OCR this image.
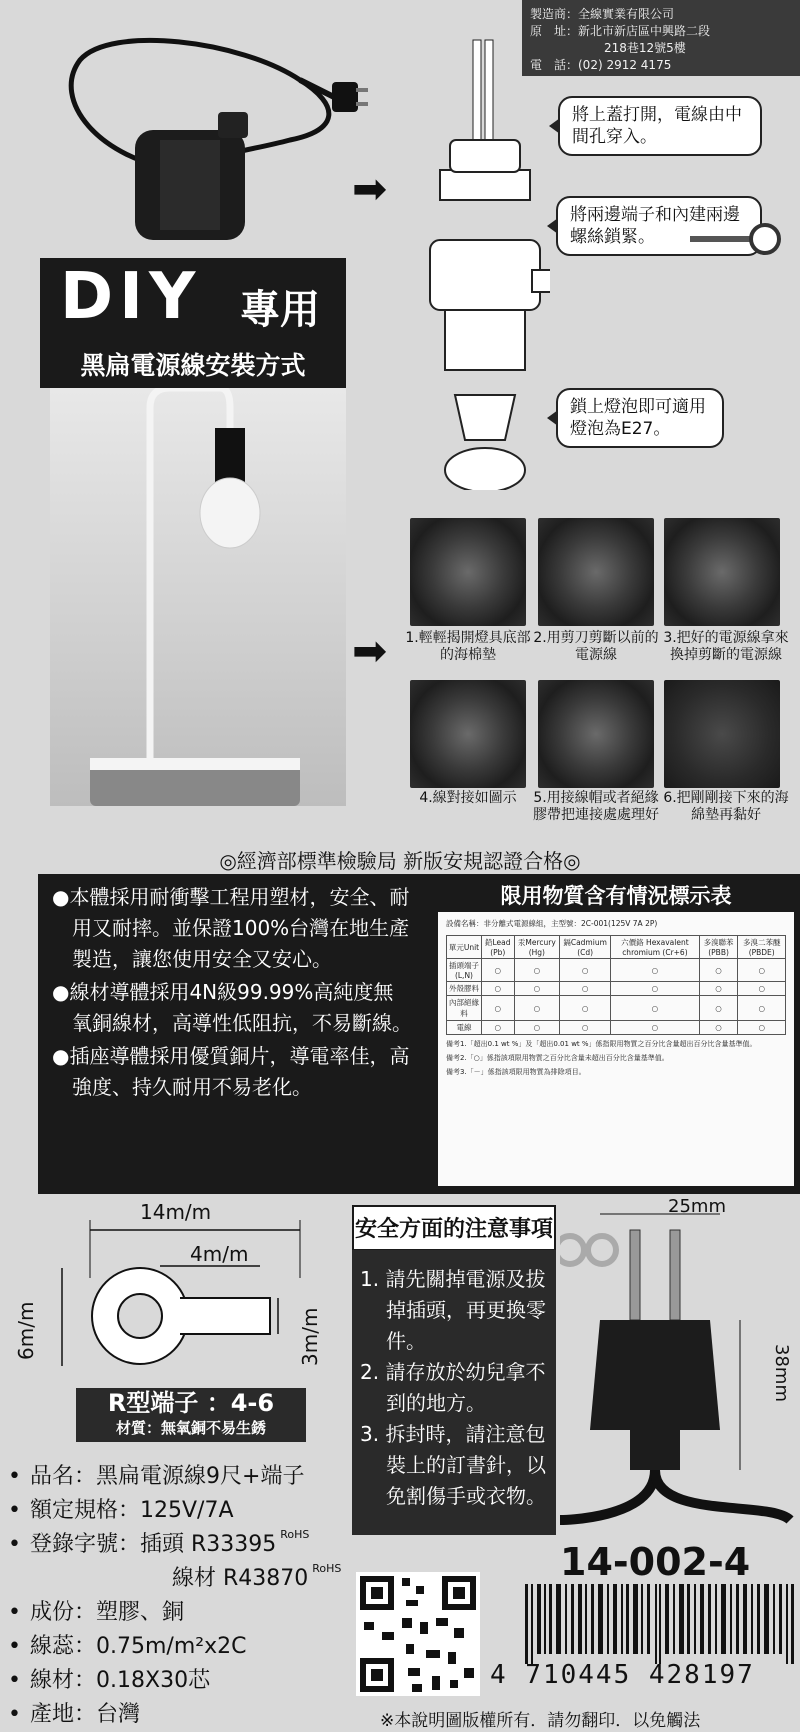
製造商：全線實業有限公司
原　址：新北市新店區中興路二段
218巷12號5樓
電　話：(02) 2912 4175
➡
➡
將上蓋打開，電線由中間孔穿入。
將兩邊端子和內建兩邊螺絲鎖緊。
鎖上燈泡即可適用燈泡為E27。
DIY 專用
黑扁電源線安裝方式
1.輕輕揭開燈具底部的海棉墊
2.用剪刀剪斷以前的電源線
3.把好的電源線拿來換掉剪斷的電源線
4.線對接如圖示	5.用接線帽或者絕緣膠帶把連接處處理好
6.把剛剛接下來的海綿墊再黏好
◎經濟部標準檢驗局 新版安規認證合格◎

●本體採用耐衝擊工程用塑材，安全、耐用又耐摔。並保證100%台灣在地生產製造，讓您使用安全又安心。

●線材導體採用4N級99.99%高純度無氧銅線材，高導性低阻抗，不易斷線。

●插座導體採用優質銅片，導電率佳，高強度、持久耐用不易老化。

限用物質含有情況標示表
設備名稱：非分離式電源線組，主型號：2C-001(125V 7A 2P)
單元Unit	鉛Lead (Pb)	汞Mercury (Hg)	鎘Cadmium (Cd)	六價鉻 Hexavalent chromium (Cr+6)	多溴聯苯 (PBB)	多溴二苯醚 (PBDE)
插頭端子(L,N)	○	○	○	○	○	○
外殼膠料	○	○	○	○	○	○
內部絕緣料	○	○	○	○	○	○
電線	○	○	○	○	○	○
備考1.「超出0.1 wt %」及「超出0.01 wt %」係指限用物質之百分比含量超出百分比含量基準值。
備考2.「○」係指該項限用物質之百分比含量未超出百分比含量基準值。
備考3.「－」係指該項限用物質為排除項目。
14m/m
4m/m
6m/m	3m/m
R型端子 ：4-6
材質：無氧銅不易生銹
• 品名： 黑扁電源線9尺+端子
• 額定規格： 125V/7A
• 登錄字號： 插頭 R33395 RoHS
線材 R43870 RoHS
• 成份： 塑膠、銅
• 線蕊： 0.75m/m²x2C
• 線材： 0.18X30芯
• 產地： 台灣
安全方面的注意事項

1. 請先關掉電源及拔掉插頭，再更換零件。

2. 請存放於幼兒拿不到的地方。

3. 拆封時，請注意包裝上的訂書針，以免割傷手或衣物。

25mm
38mm
14-002-4
4 710445 428197
※本說明圖版權所有．請勿翻印．以免觸法
